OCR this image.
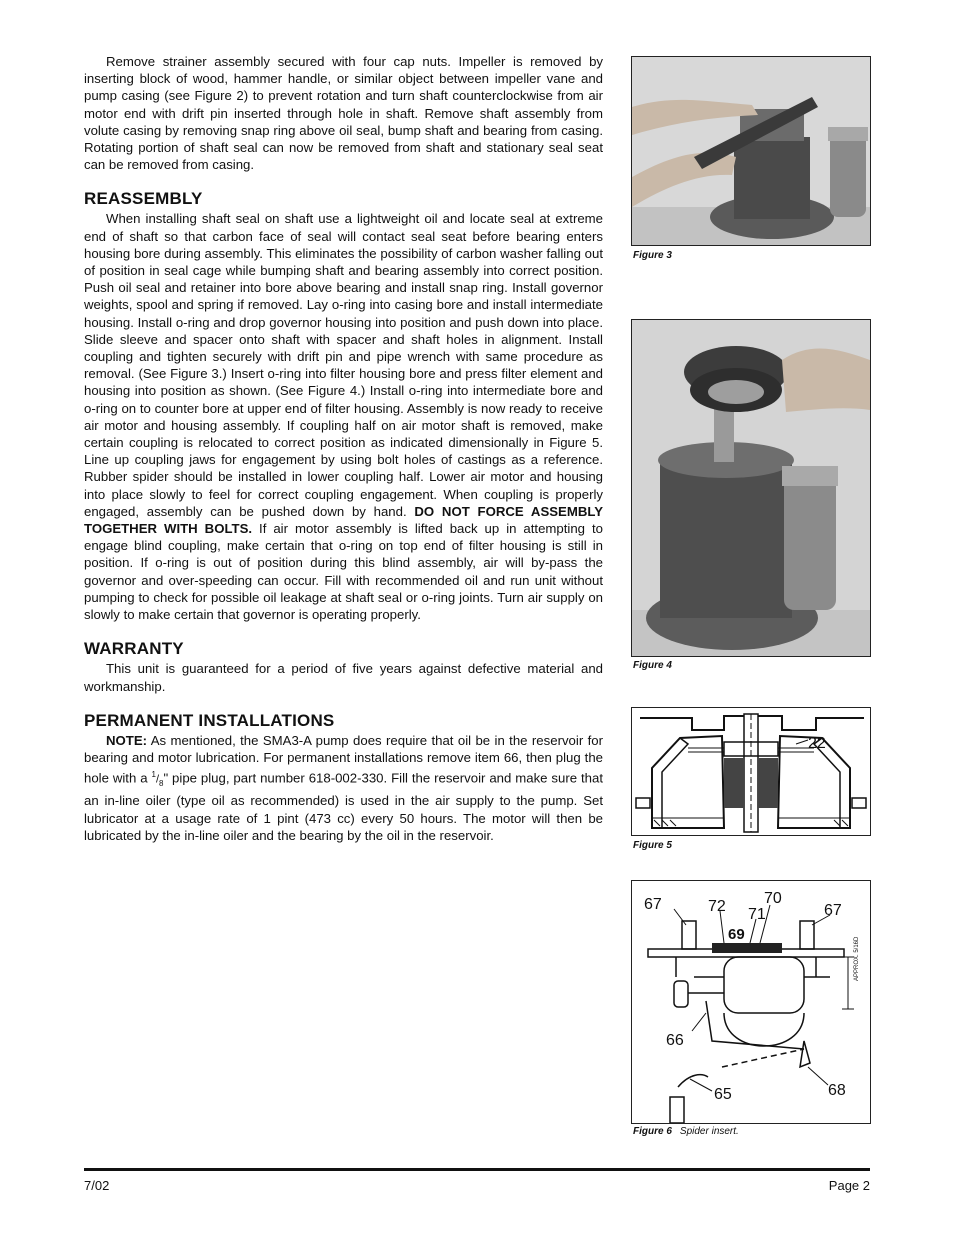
Remove strainer assembly secured with four cap nuts. Impeller is removed by inserting block of wood, hammer handle, or similar object between impeller vane and pump casing (see Figure 2) to prevent rotation and turn shaft counterclockwise from air motor end with drift pin inserted through hole in shaft. Remove shaft assembly from volute casing by removing snap ring above oil seal, bump shaft and bearing from casing. Rotating portion of shaft seal can now be removed from shaft and stationary seal seat can be removed from casing.

REASSEMBLY

When installing shaft seal on shaft use a lightweight oil and locate seal at extreme end of shaft so that carbon face of seal will contact seal seat before bearing enters housing bore during assembly. This eliminates the possibility of carbon washer falling out of position in seal cage while bumping shaft and bearing assembly into correct position. Push oil seal and retainer into bore above bearing and install snap ring. Install governor weights, spool and spring if removed. Lay o-ring into casing bore and install intermediate housing. Install o-ring and drop governor housing into position and push down into place. Slide sleeve and spacer onto shaft with spacer and shaft holes in alignment. Install coupling and tighten securely with drift pin and pipe wrench with same procedure as removal. (See Figure 3.) Insert o-ring into filter housing bore and press filter element and housing into position as shown. (See Figure 4.) Install o-ring into intermediate bore and o-ring on to counter bore at upper end of filter housing. Assembly is now ready to receive air motor and housing assembly. If coupling half on air motor shaft is removed, make certain coupling is relocated to correct position as indicated dimensionally in Figure 5. Line up coupling jaws for engagement by using bolt holes of castings as a reference. Rubber spider should be installed in lower coupling half. Lower air motor and housing into place slowly to feel for correct coupling engagement. When coupling is properly engaged, assembly can be pushed down by hand. DO NOT FORCE ASSEMBLY TOGETHER WITH BOLTS. If air motor assembly is lifted back up in attempting to engage blind coupling, make certain that o-ring on top end of filter housing is still in position. If o-ring is out of position during this blind assembly, air will by-pass the governor and over-speeding can occur. Fill with recommended oil and run unit without pumping to check for possible oil leakage at shaft seal or o-ring joints. Turn air supply on slowly to make certain that governor is operating properly.

WARRANTY

This unit is guaranteed for a period of five years against defective material and workmanship.

PERMANENT INSTALLATIONS

NOTE: As mentioned, the SMA3-A pump does require that oil be in the reservoir for bearing and motor lubrication. For permanent installations remove item 66, then plug the hole with a $^1/_8$" pipe plug, part number 618-002-330. Fill the reservoir and make sure that an in-line oiler (type oil as recommended) is used in the air supply to the pump. Set lubricator at a usage rate of 1 pint (473 cc) every 50 hours. The motor will then be lubricated by the in-line oiler and the bearing by the oil in the reservoir.

Figure 3
Figure 4
22
Figure 5
APPROX. 5/16D
67	72 70
71
69
67
66
65	68
Figure 6 Spider insert.
7/02	Page 2
